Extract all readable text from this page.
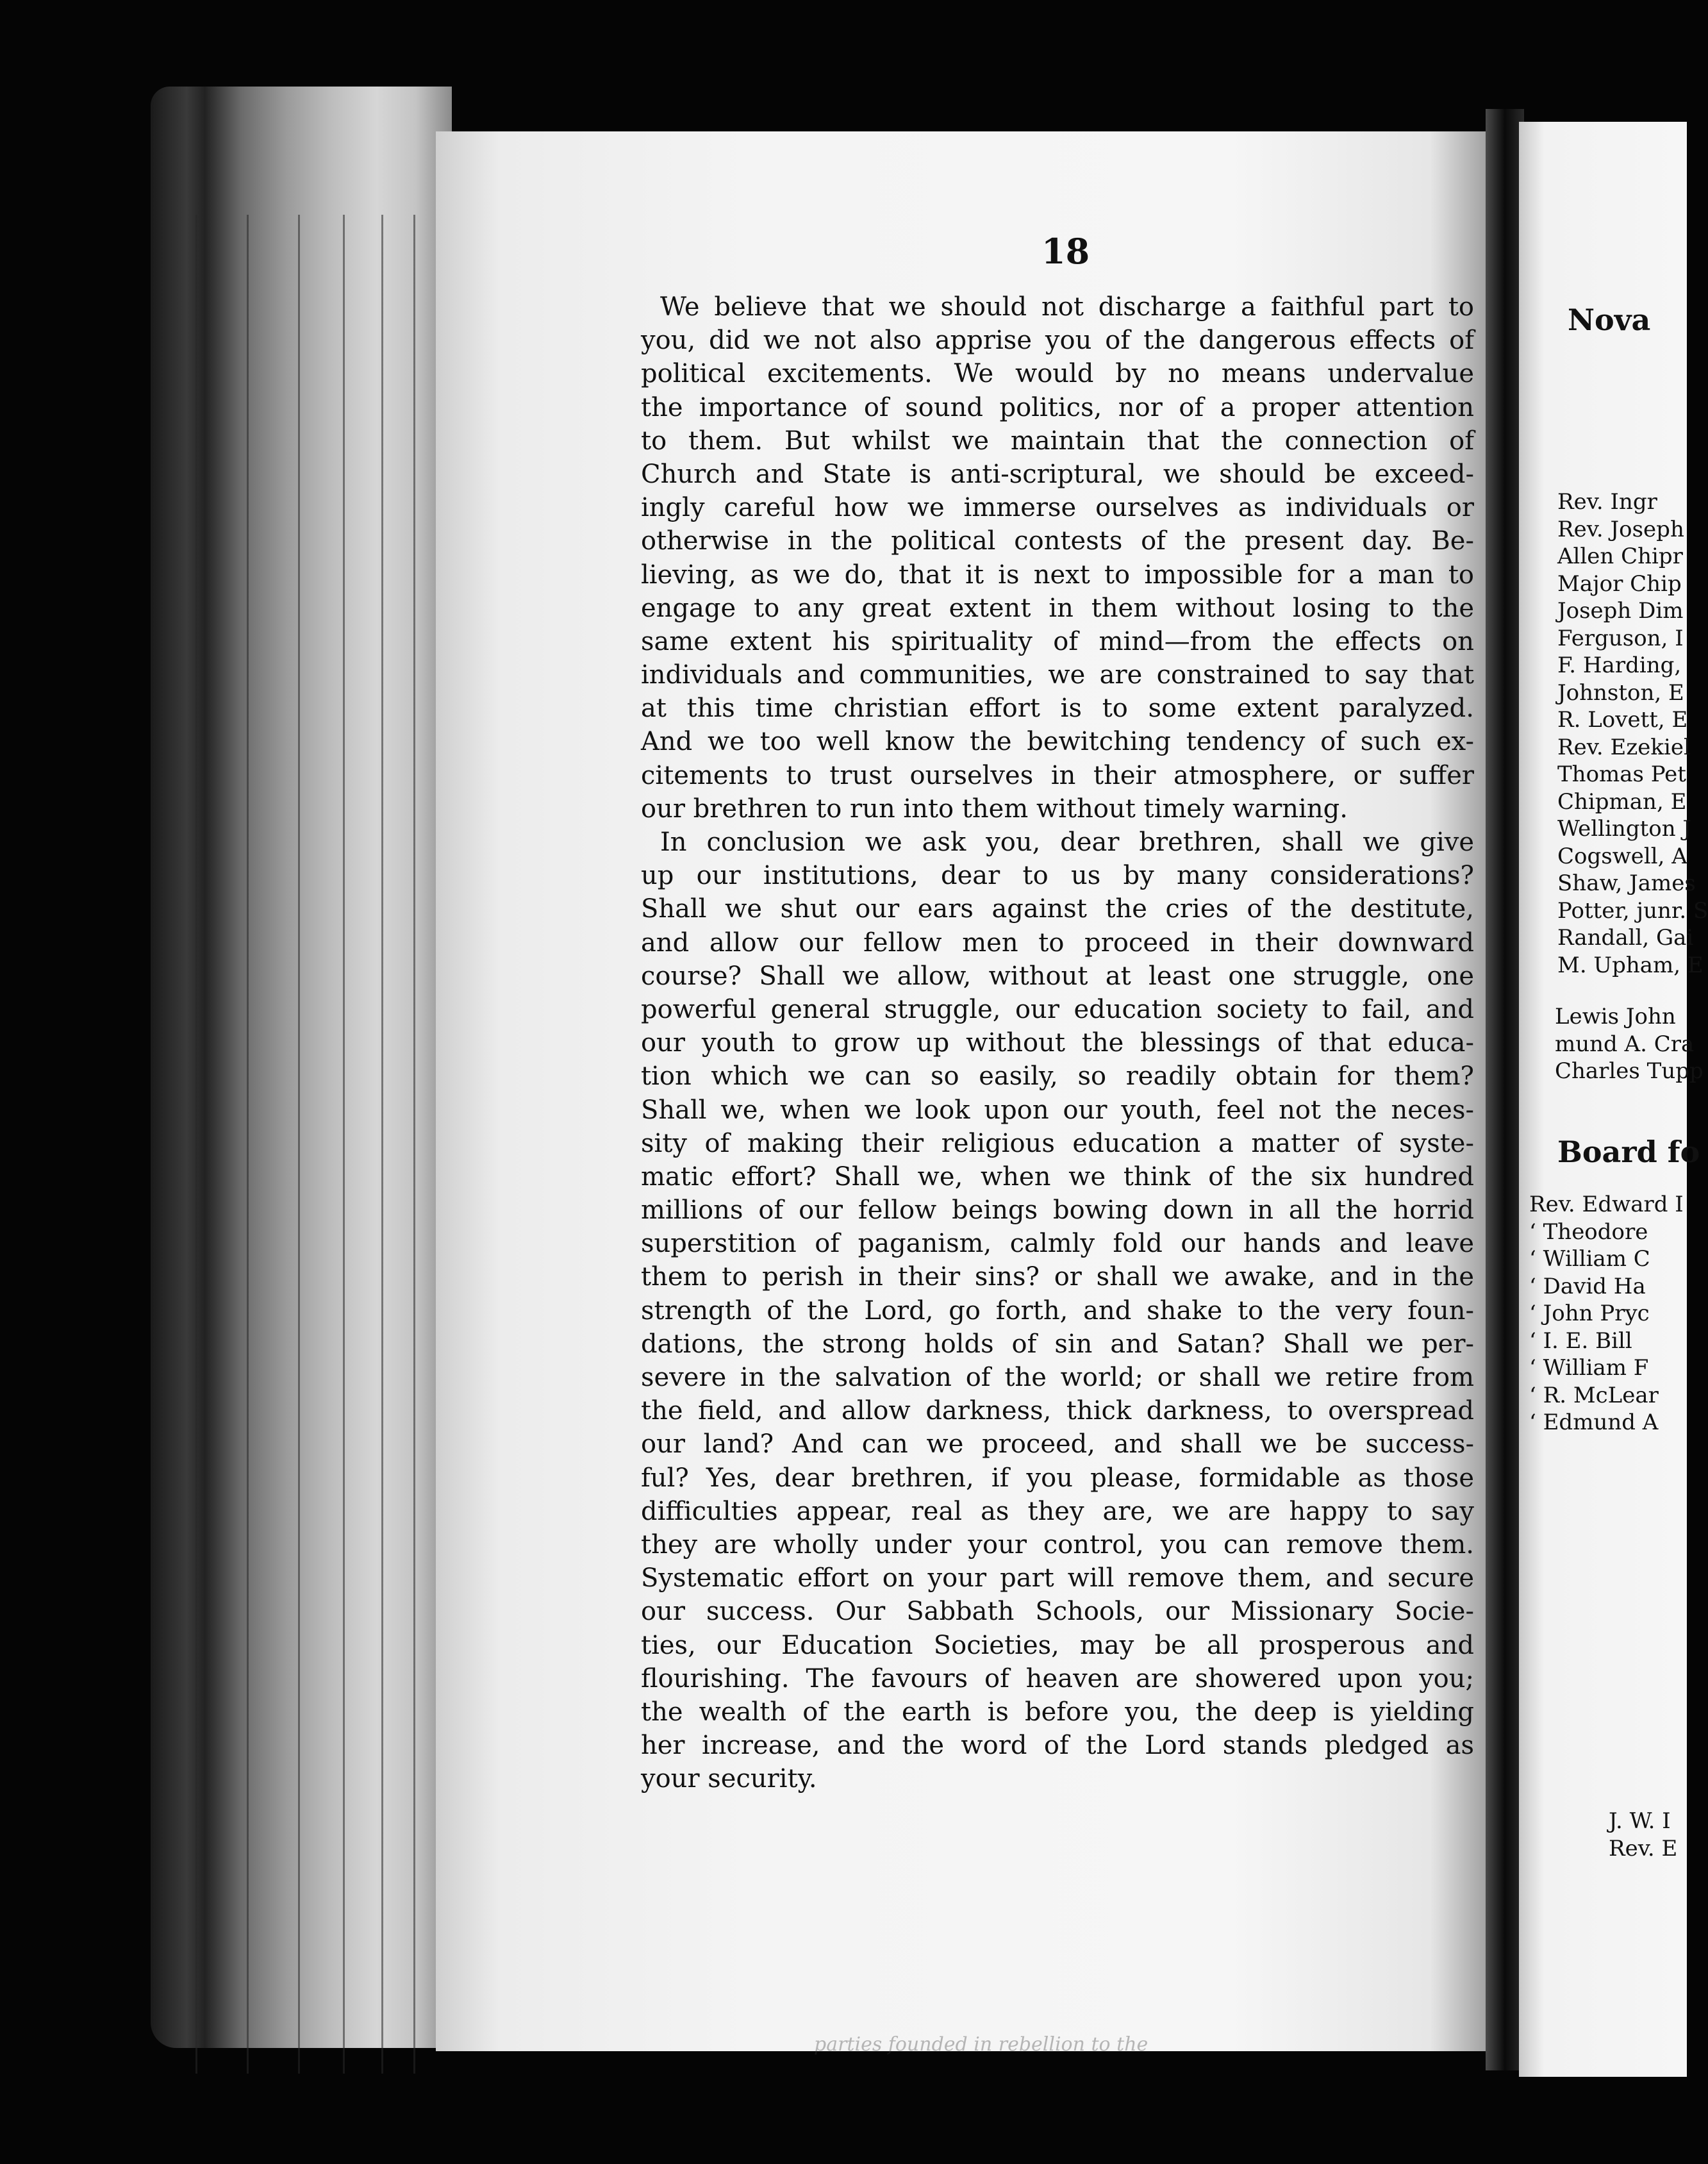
18
We believe that we should not discharge a faithful part to
you, did we not also apprise you of the dangerous effects of
political excitements. We would by no means undervalue
the importance of sound politics, nor of a proper attention
to them. But whilst we maintain that the connection of
Church and State is anti-scriptural, we should be exceed-
ingly careful how we immerse ourselves as individuals or
otherwise in the political contests of the present day. Be-
lieving, as we do, that it is next to impossible for a man to
engage to any great extent in them without losing to the
same extent his spirituality of mind—from the effects on
individuals and communities, we are constrained to say that
at this time christian effort is to some extent paralyzed.
And we too well know the bewitching tendency of such ex-
citements to trust ourselves in their atmosphere, or suffer
our brethren to run into them without timely warning.
In conclusion we ask you, dear brethren, shall we give
up our institutions, dear to us by many considerations?
Shall we shut our ears against the cries of the destitute,
and allow our fellow men to proceed in their downward
course? Shall we allow, without at least one struggle, one
powerful general struggle, our education society to fail, and
our youth to grow up without the blessings of that educa-
tion which we can so easily, so readily obtain for them?
Shall we, when we look upon our youth, feel not the neces-
sity of making their religious education a matter of syste-
matic effort? Shall we, when we think of the six hundred
millions of our fellow beings bowing down in all the horrid
superstition of paganism, calmly fold our hands and leave
them to perish in their sins? or shall we awake, and in the
strength of the Lord, go forth, and shake to the very foun-
dations, the strong holds of sin and Satan? Shall we per-
severe in the salvation of the world; or shall we retire from
the field, and allow darkness, thick darkness, to overspread
our land? And can we proceed, and shall we be success-
ful? Yes, dear brethren, if you please, formidable as those
difficulties appear, real as they are, we are happy to say
they are wholly under your control, you can remove them.
Systematic effort on your part will remove them, and secure
our success. Our Sabbath Schools, our Missionary Socie-
ties, our Education Societies, may be all prosperous and
flourishing. The favours of heaven are showered upon you;
the wealth of the earth is before you, the deep is yielding
her increase, and the word of the Lord stands pledged as
your security.
parties founded in rebellion to the
Nova
Rev. Ingr
Rev. Joseph
Allen Chipr
Major Chip
Joseph Dim
Ferguson, I
F. Harding,
Johnston, E
R. Lovett, E
Rev. Ezekiel
Thomas Pet
Chipman, E
Wellington J
Cogswell, A
Shaw, James
Potter, junr. S
Randall, Gai
M. Upham, E
Lewis John
mund A. Cra
Charles Tupp
Board fo
Rev. Edward I
‘ Theodore
‘ William C
‘ David Ha
‘ John Pryc
‘ I. E. Bill
‘ William F
‘ R. McLear
‘ Edmund A
J. W. I
Rev. E
